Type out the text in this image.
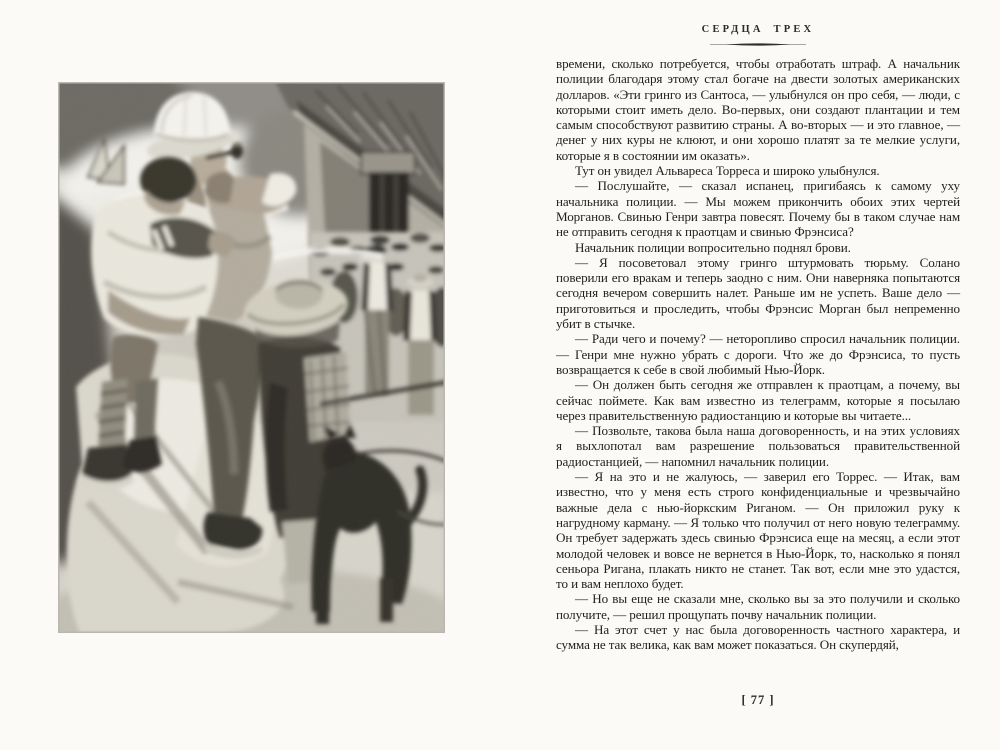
СЕРДЦА ТРЕХ

времени, сколько потребуется, чтобы отработать штраф. А начальник полиции благодаря этому стал богаче на двести золотых американских долларов. «Эти гринго из Сантоса, — улыбнулся он про себя, — люди, с которыми стоит иметь дело. Во-первых, они создают плантации и тем самым способствуют развитию страны. А во-вторых — и это главное, — денег у них куры не клюют, и они хорошо платят за те мелкие услуги, которые я в состоянии им оказать».

Тут он увидел Альвареса Торреса и широко улыбнулся.

— Послушайте, — сказал испанец, пригибаясь к самому уху начальника полиции. — Мы можем прикончить обоих этих чертей Морганов. Свинью Генри завтра повесят. Почему бы в таком случае нам не отправить сегодня к праотцам и свинью Фрэнсиса?

Начальник полиции вопросительно поднял брови.

— Я посоветовал этому гринго штурмовать тюрьму. Солано поверили его вракам и теперь заодно с ним. Они наверняка попытаются сегодня вечером совершить налет. Раньше им не успеть. Ваше дело — приготовиться и проследить, чтобы Фрэнсис Морган был непременно убит в стычке.

— Ради чего и почему? — неторопливо спросил начальник полиции. — Генри мне нужно убрать с дороги. Что же до Фрэнсиса, то пусть возвращается к себе в свой любимый Нью-Йорк.

— Он должен быть сегодня же отправлен к праотцам, а почему, вы сейчас поймете. Как вам известно из телеграмм, которые я посылаю через правительственную радиостанцию и которые вы читаете...

— Позвольте, такова была наша договоренность, и на этих условиях я выхлопотал вам разрешение пользоваться правительственной радиостанцией, — напомнил начальник полиции.

— Я на это и не жалуюсь, — заверил его Торрес. — Итак, вам известно, что у меня есть строго конфиденциальные и чрезвычайно важные дела с нью-йоркским Риганом. — Он приложил руку к нагрудному карману. — Я только что получил от него новую телеграмму. Он требует задержать здесь свинью Фрэнсиса еще на месяц, а если этот молодой человек и вовсе не вернется в Нью-Йорк, то, насколько я понял сеньора Ригана, плакать никто не станет. Так вот, если мне это удастся, то и вам неплохо будет.

— Но вы еще не сказали мне, сколько вы за это получили и сколько получите, — решил прощупать почву начальник полиции.

— На этот счет у нас была договоренность частного характера, и сумма не так велика, как вам может показаться. Он скупердяй,

[ 77 ]
